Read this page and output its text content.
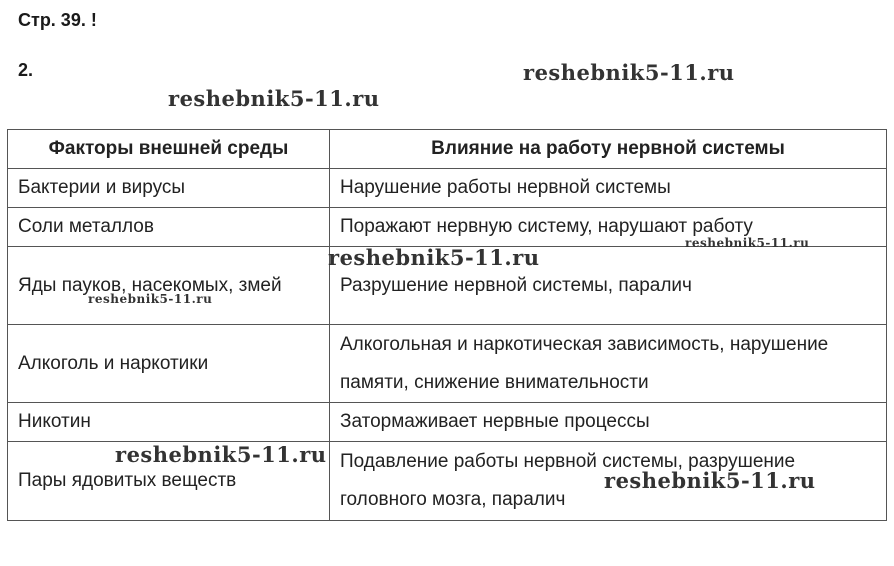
Стр. 39. !
2.
Факторы внешней среды	Влияние на работу нервной системы
Бактерии и вирусы	Нарушение работы нервной системы
Соли металлов	Поражают нервную систему, нарушают работу
Яды пауков, насекомых, змей	Разрушение нервной системы, паралич
Алкоголь и наркотики	Алкогольная и наркотическая зависимость, нарушение памяти, снижение внимательности
Никотин	Затормаживает нервные процессы
Пары ядовитых веществ	Подавление работы нервной системы, разрушение головного мозга, паралич
reshebnik5-11.ru
reshebnik5-11.ru
reshebnik5-11.ru
reshebnik5-11.ru
reshebnik5-11.ru
reshebnik5-11.ru
reshebnik5-11.ru
